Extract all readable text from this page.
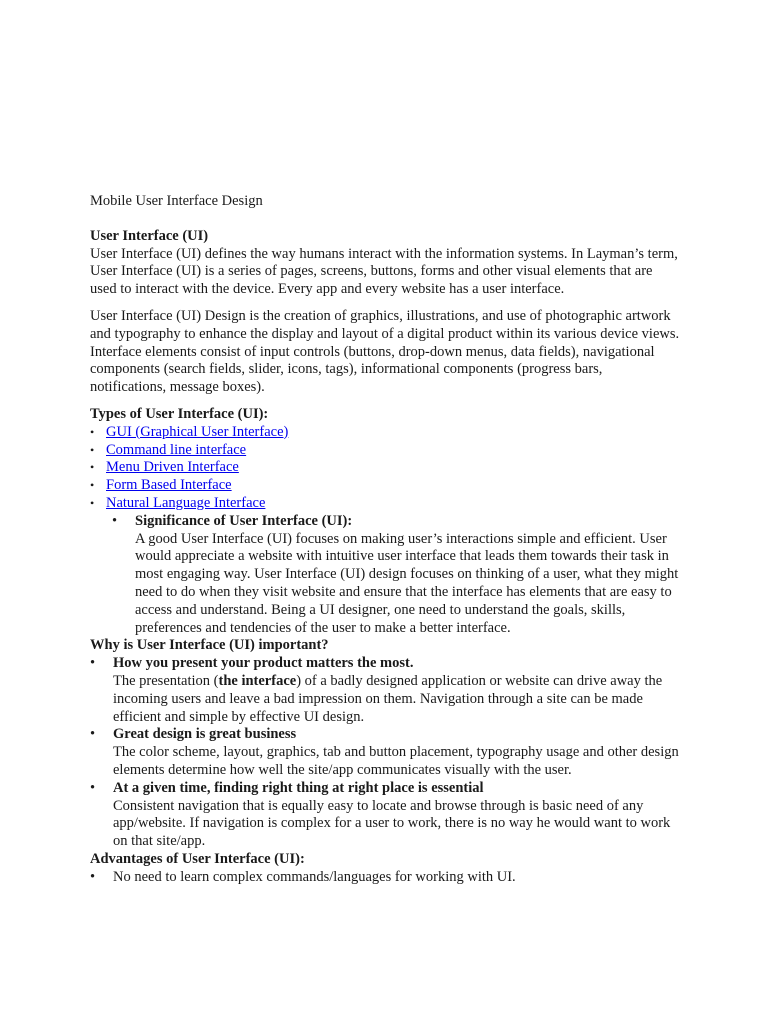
Mobile User Interface Design

User Interface (UI)

User Interface (UI) defines the way humans interact with the information systems. In Layman’s term, User Interface (UI) is a series of pages, screens, buttons, forms and other visual elements that are used to interact with the device. Every app and every website has a user interface.

User Interface (UI) Design is the creation of graphics, illustrations, and use of photographic artwork and typography to enhance the display and layout of a digital product within its various device views. Interface elements consist of input controls (buttons, drop-down menus, data fields), navigational components (search fields, slider, icons, tags), informational components (progress bars, notifications, message boxes).

Types of User Interface (UI):

• GUI (Graphical User Interface)
• Command line interface
• Menu Driven Interface
• Form Based Interface
• Natural Language Interface
• Significance of User Interface (UI):

A good User Interface (UI) focuses on making user’s interactions simple and efficient. User would appreciate a website with intuitive user interface that leads them towards their task in most engaging way. User Interface (UI) design focuses on thinking of a user, what they might need to do when they visit website and ensure that the interface has elements that are easy to access and understand. Being a UI designer, one need to understand the goals, skills, preferences and tendencies of the user to make a better interface.

Why is User Interface (UI) important?

• How you present your product matters the most.

The presentation (the interface) of a badly designed application or website can drive away the incoming users and leave a bad impression on them. Navigation through a site can be made efficient and simple by effective UI design.

• Great design is great business

The color scheme, layout, graphics, tab and button placement, typography usage and other design elements determine how well the site/app communicates visually with the user.

• At a given time, finding right thing at right place is essential

Consistent navigation that is equally easy to locate and browse through is basic need of any app/website. If navigation is complex for a user to work, there is no way he would want to work on that site/app.

Advantages of User Interface (UI):

• No need to learn complex commands/languages for working with UI.
